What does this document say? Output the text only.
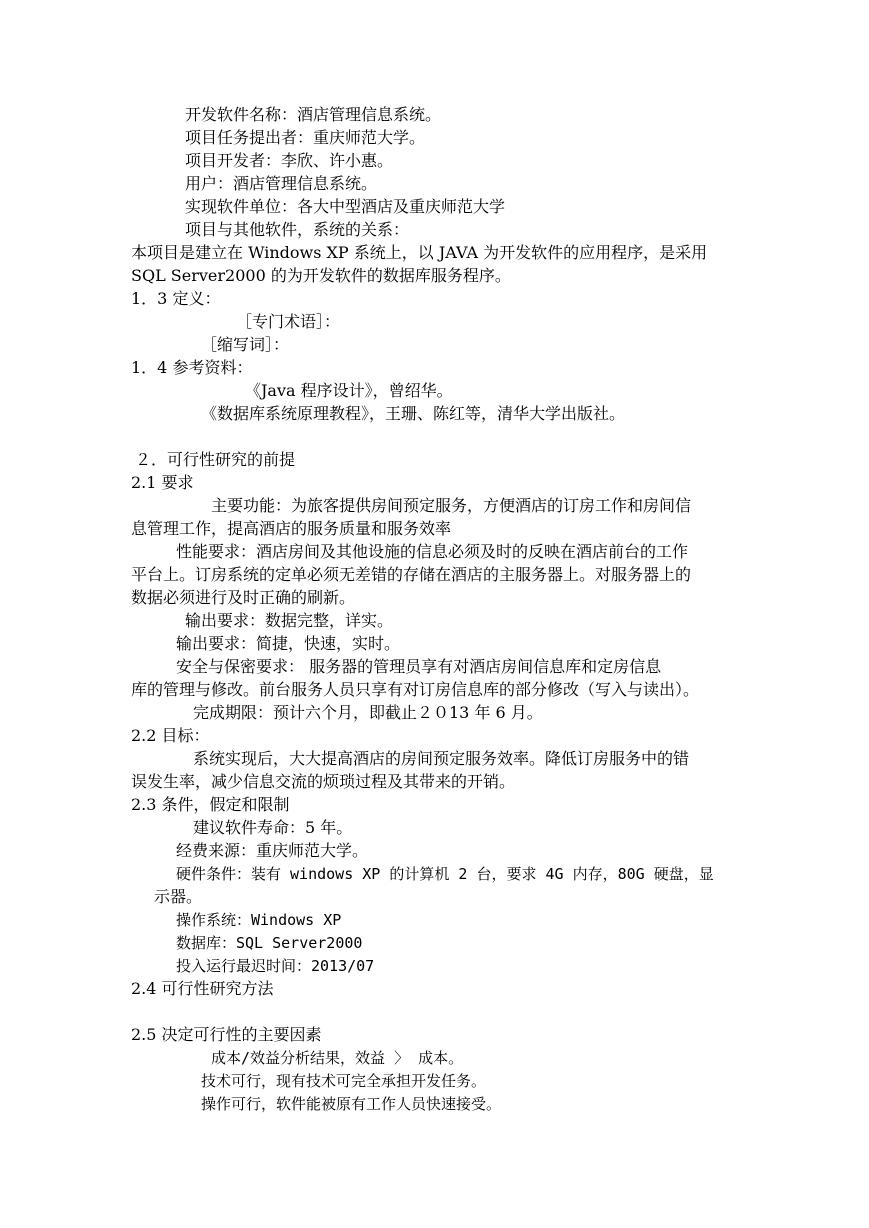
开发软件名称：酒店管理信息系统。
项目任务提出者：重庆师范大学。
项目开发者：李欣、许小惠。
用户：酒店管理信息系统。
实现软件单位：各大中型酒店及重庆师范大学
项目与其他软件，系统的关系：
本项目是建立在 Windows XP 系统上，以 JAVA 为开发软件的应用程序，是采用
SQL Server2000 的为开发软件的数据库服务程序。
1．3 定义：
［专门术语］：
［缩写词］：
1．4 参考资料：
《Java 程序设计》，曾绍华。
《数据库系统原理教程》，王珊、陈红等，清华大学出版社。
２．可行性研究的前提
2.1 要求
主要功能：为旅客提供房间预定服务，方便酒店的订房工作和房间信
息管理工作，提高酒店的服务质量和服务效率
性能要求：酒店房间及其他设施的信息必须及时的反映在酒店前台的工作
平台上。订房系统的定单必须无差错的存储在酒店的主服务器上。对服务器上的
数据必须进行及时正确的刷新。
输出要求：数据完整，详实。
输出要求：简捷，快速，实时。
安全与保密要求： 服务器的管理员享有对酒店房间信息库和定房信息
库的管理与修改。前台服务人员只享有对订房信息库的部分修改（写入与读出）。
完成期限：预计六个月，即截止２０13 年 6 月。
2.2 目标：
系统实现后，大大提高酒店的房间预定服务效率。降低订房服务中的错
误发生率，减少信息交流的烦琐过程及其带来的开销。
2.3 条件，假定和限制
建议软件寿命：5 年。
经费来源：重庆师范大学。
硬件条件：装有 windows XP 的计算机 2 台，要求 4G 内存，80G 硬盘，显
示器。
操作系统：Windows XP
数据库：SQL Server2000
投入运行最迟时间：2013/07
2.4 可行性研究方法
2.5 决定可行性的主要因素
成本/效益分析结果，效益 〉 成本。
技术可行，现有技术可完全承担开发任务。
操作可行，软件能被原有工作人员快速接受。
